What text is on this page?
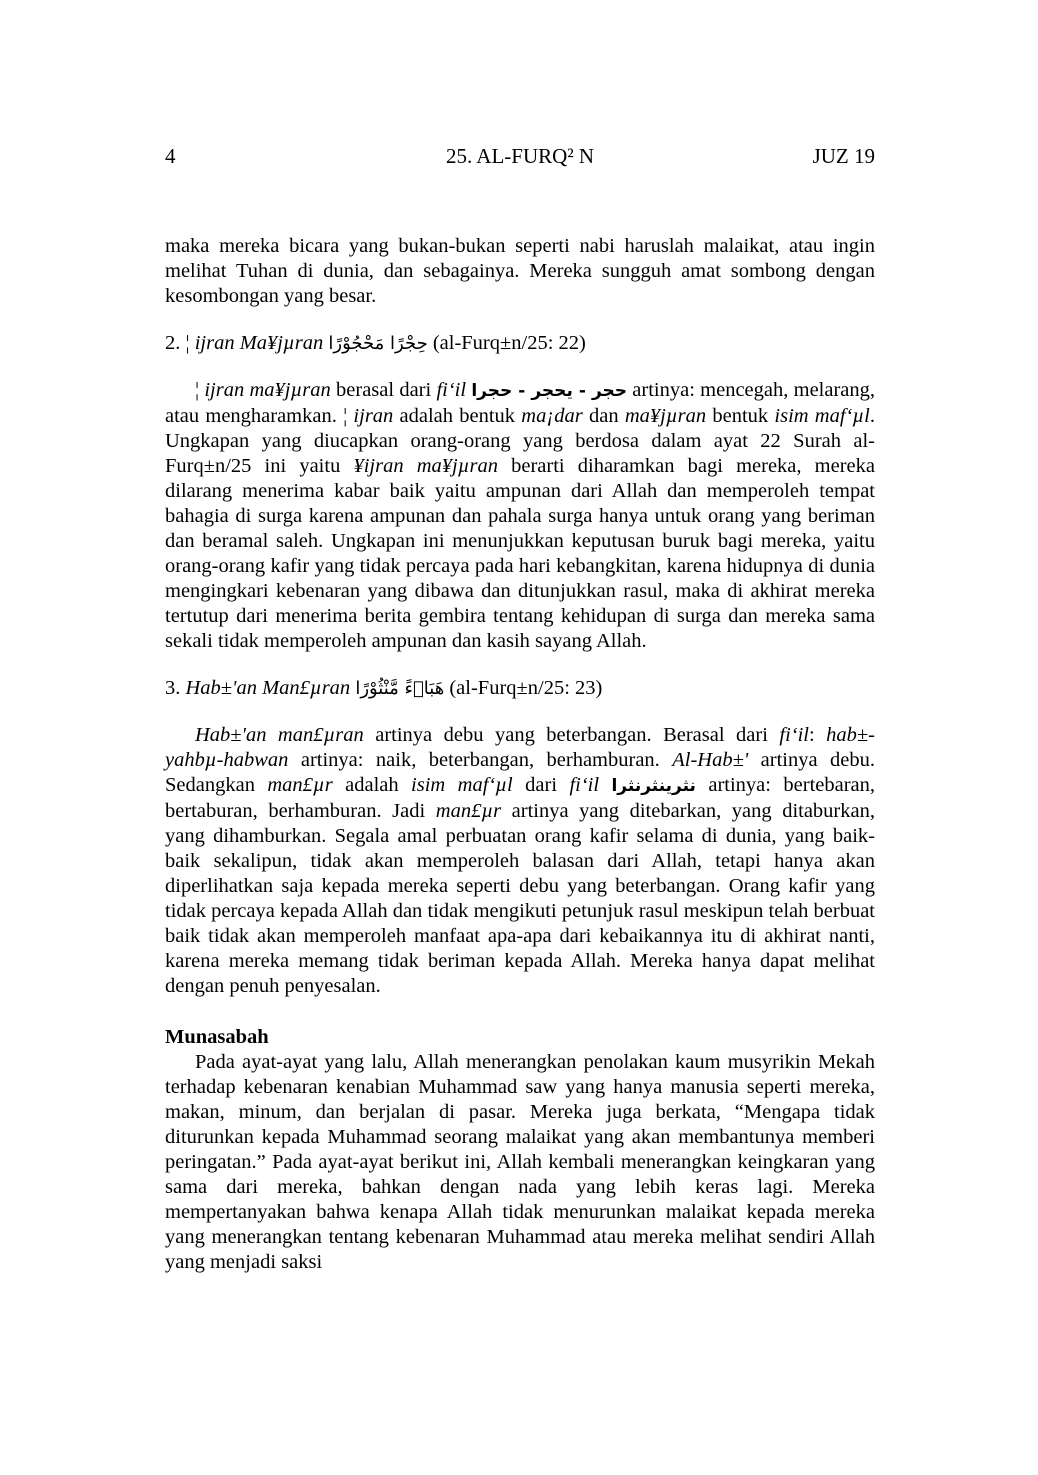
4	25. AL-FURQ² N	JUZ 19

maka mereka bicara yang bukan-bukan seperti nabi haruslah malaikat, atau ingin melihat Tuhan di dunia, dan sebagainya. Mereka sungguh amat sombong dengan kesombongan yang besar.

2. ¦ ijran Ma¥jµran حِجْرًا مَحْجُوْرًا (al-Furq±n/25: 22)

¦ ijran ma¥jµran berasal dari fi‘il حجر - يحجر - حجرا artinya: mencegah, melarang, atau mengharamkan. ¦ ijran adalah bentuk ma¡dar dan ma¥jµran bentuk isim maf‘µl. Ungkapan yang diucapkan orang-orang yang berdosa dalam ayat 22 Surah al-Furq±n/25 ini yaitu ¥ijran ma¥jµran berarti diharamkan bagi mereka, mereka dilarang menerima kabar baik yaitu ampunan dari Allah dan memperoleh tempat bahagia di surga karena ampunan dan pahala surga hanya untuk orang yang beriman dan beramal saleh. Ungkapan ini menunjukkan keputusan buruk bagi mereka, yaitu orang-orang kafir yang tidak percaya pada hari kebangkitan, karena hidupnya di dunia mengingkari kebenaran yang dibawa dan ditunjukkan rasul, maka di akhirat mereka tertutup dari menerima berita gembira tentang kehidupan di surga dan mereka sama sekali tidak memperoleh ampunan dan kasih sayang Allah.

3. Hab±'an Man£µran هَبَاۤءً مَّنْثُوْرًا (al-Furq±n/25: 23)

Hab±'an man£µran artinya debu yang beterbangan. Berasal dari fi‘il: hab±-yahbµ-habwan artinya: naik, beterbangan, berhamburan. Al-Hab±' artinya debu. Sedangkan man£µr adalah isim maf‘µl dari fi‘il نثرينثرنثرا artinya: bertebaran, bertaburan, berhamburan. Jadi man£µr artinya yang ditebarkan, yang ditaburkan, yang dihamburkan. Segala amal perbuatan orang kafir selama di dunia, yang baik-baik sekalipun, tidak akan memperoleh balasan dari Allah, tetapi hanya akan diperlihatkan saja kepada mereka seperti debu yang beterbangan. Orang kafir yang tidak percaya kepada Allah dan tidak mengikuti petunjuk rasul meskipun telah berbuat baik tidak akan memperoleh manfaat apa-apa dari kebaikannya itu di akhirat nanti, karena mereka memang tidak beriman kepada Allah. Mereka hanya dapat melihat dengan penuh penyesalan.

Munasabah

Pada ayat-ayat yang lalu, Allah menerangkan penolakan kaum musyrikin Mekah terhadap kebenaran kenabian Muhammad saw yang hanya manusia seperti mereka, makan, minum, dan berjalan di pasar. Mereka juga berkata, “Mengapa tidak diturunkan kepada Muhammad seorang malaikat yang akan membantunya memberi peringatan.” Pada ayat-ayat berikut ini, Allah kembali menerangkan keingkaran yang sama dari mereka, bahkan dengan nada yang lebih keras lagi. Mereka mempertanyakan bahwa kenapa Allah tidak menurunkan malaikat kepada mereka yang menerangkan tentang kebenaran Muhammad atau mereka melihat sendiri Allah yang menjadi saksi
